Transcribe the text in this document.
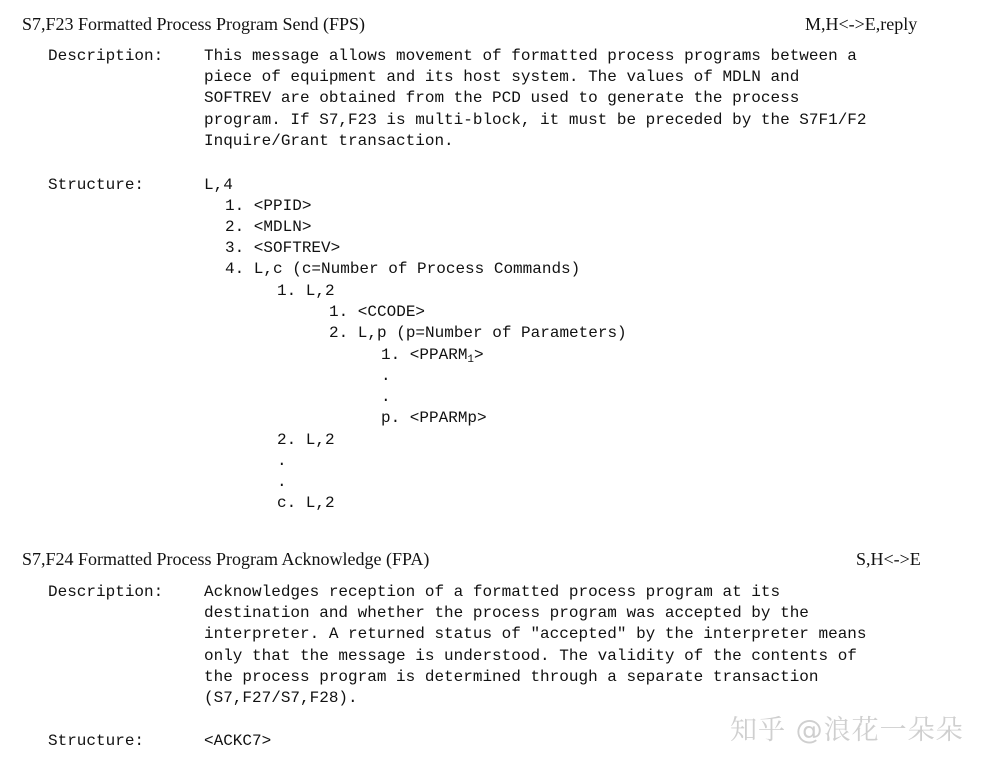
S7,F23 Formatted Process Program Send (FPS)	M,H<->E,reply
Description:	This message allows movement of formatted process programs between a
piece of equipment and its host system. The values of MDLN and
SOFTREV are obtained from the PCD used to generate the process
program. If S7,F23 is multi-block, it must be preceded by the S7F1/F2
Inquire/Grant transaction.
Structure:	L,4
1. <PPID>
2. <MDLN>
3. <SOFTREV>
4. L,c (c=Number of Process Commands)
1. L,2
1. <CCODE>
2. L,p (p=Number of Parameters)
1. $<PPARM_1>$
.
.
p. <PPARMp>
2. L,2
.
.
c. L,2
S7,F24 Formatted Process Program Acknowledge (FPA)	S,H<->E
Description:	Acknowledges reception of a formatted process program at its
destination and whether the process program was accepted by the
interpreter. A returned status of "accepted" by the interpreter means
only that the message is understood. The validity of the contents of
the process program is determined through a separate transaction
(S7,F27/S7,F28).
Structure:	<ACKC7>	知乎 @浪花一朵朵
